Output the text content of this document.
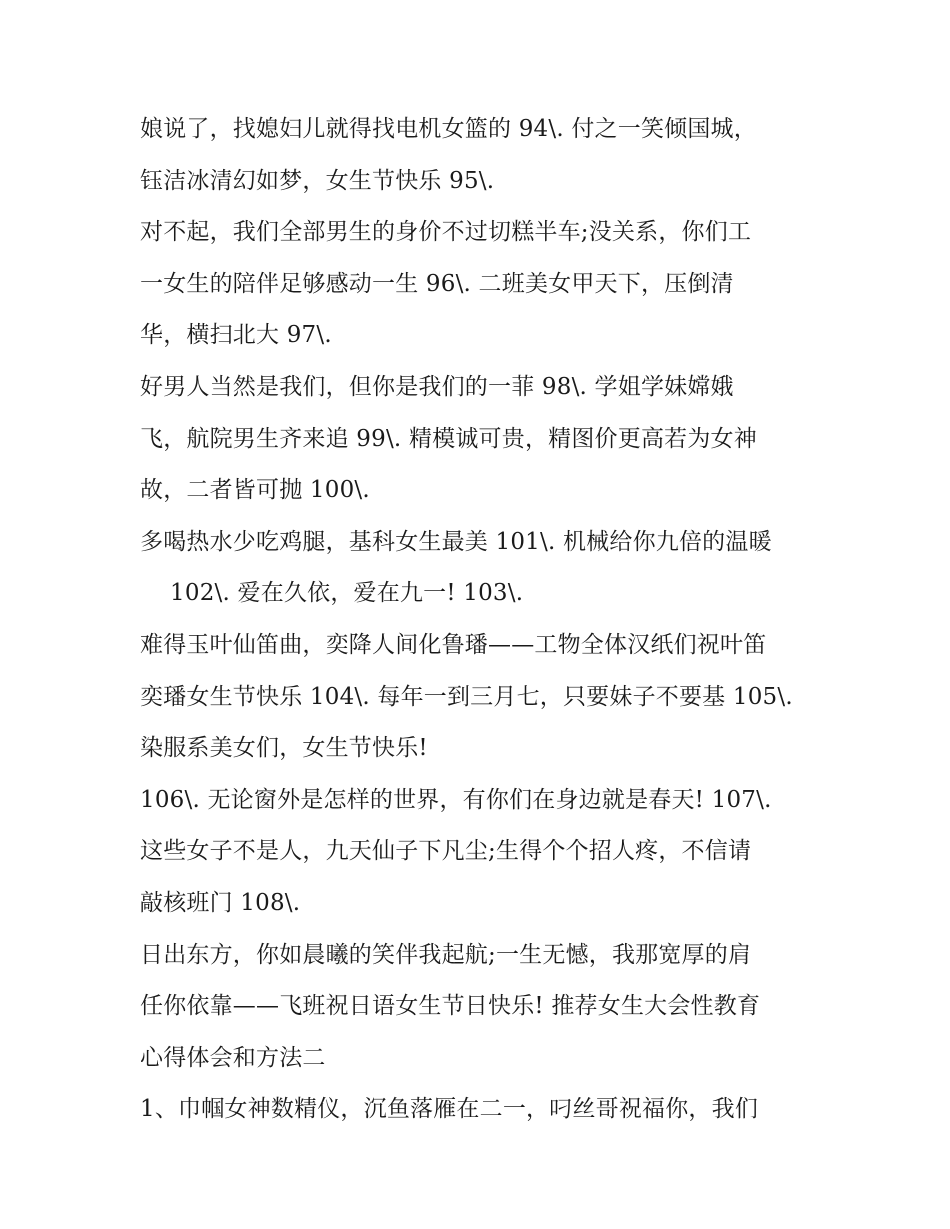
娘说了，找媳妇儿就得找电机女篮的 94\. 付之一笑倾国城，
钰洁冰清幻如梦，女生节快乐 95\.
对不起，我们全部男生的身价不过切糕半车;没关系，你们工
一女生的陪伴足够感动一生 96\. 二班美女甲天下，压倒清
华，横扫北大 97\.
好男人当然是我们，但你是我们的一菲 98\. 学姐学妹嫦娥
飞，航院男生齐来追 99\. 精模诚可贵，精图价更高若为女神
故，二者皆可抛 100\.
多喝热水少吃鸡腿，基科女生最美 101\. 机械给你九倍的温暖
102\. 爱在久依，爱在九一! 103\.
难得玉叶仙笛曲，奕降人间化鲁璠——工物全体汉纸们祝叶笛
奕璠女生节快乐 104\. 每年一到三月七，只要妹子不要基 105\.
染服系美女们，女生节快乐!
106\. 无论窗外是怎样的世界，有你们在身边就是春天! 107\.
这些女子不是人，九天仙子下凡尘;生得个个招人疼，不信请
敲核班门 108\.
日出东方，你如晨曦的笑伴我起航;一生无憾，我那宽厚的肩
任你依靠——飞班祝日语女生节日快乐! 推荐女生大会性教育
心得体会和方法二
1、巾帼女神数精仪，沉鱼落雁在二一，叼丝哥祝福你，我们
